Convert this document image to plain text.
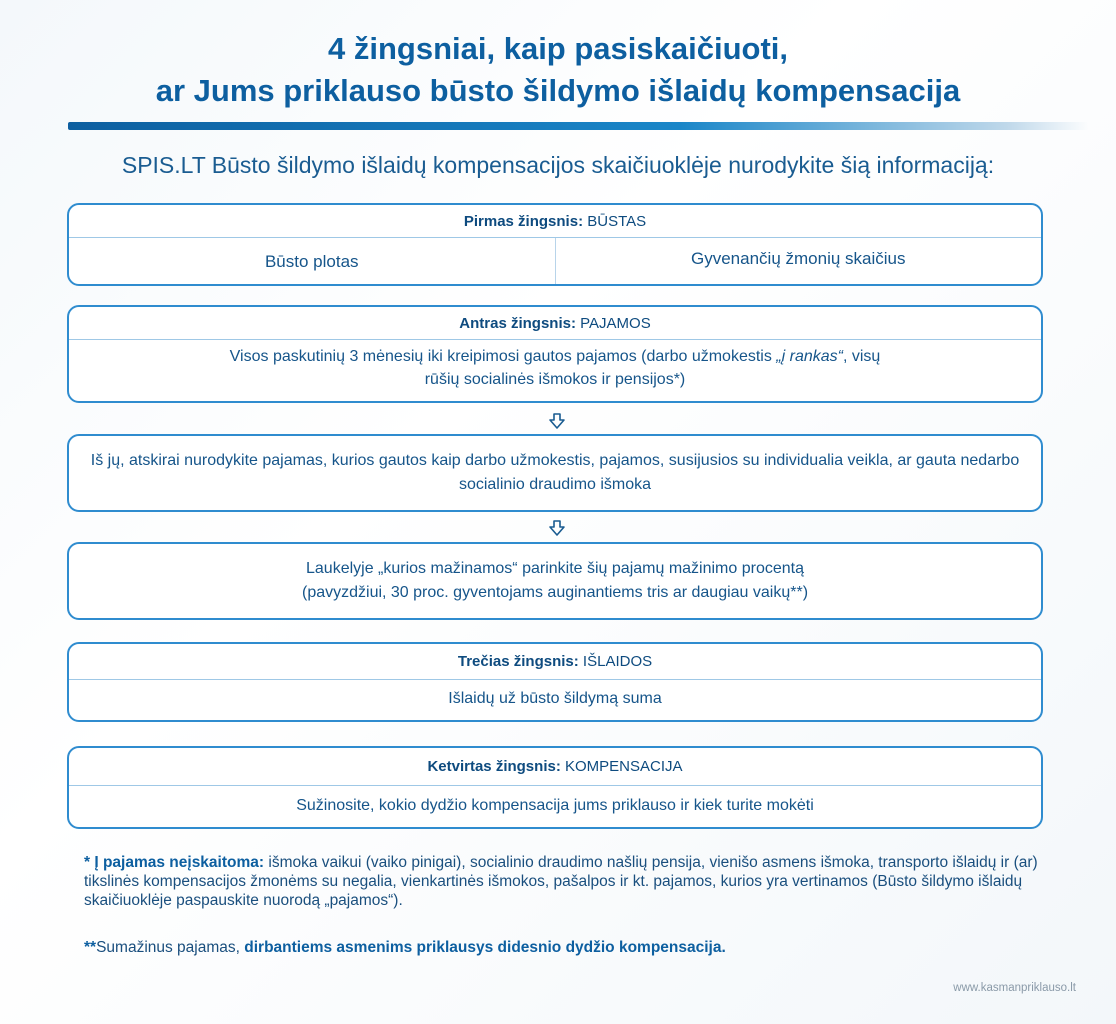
4 žingsniai, kaip pasiskaičiuoti,
ar Jums priklauso būsto šildymo išlaidų kompensacija
SPIS.LT Būsto šildymo išlaidų kompensacijos skaičiuoklėje nurodykite šią informaciją:
Pirmas žingsnis: BŪSTAS
Būsto plotas	Gyvenančių žmonių skaičius
Antras žingsnis: PAJAMOS
Visos paskutinių 3 mėnesių iki kreipimosi gautos pajamos (darbo užmokestis „į rankas“, visų rūšių socialinės išmokos ir pensijos*)
Iš jų, atskirai nurodykite pajamas, kurios gautos kaip darbo užmokestis, pajamos, susijusios su individualia veikla, ar gauta nedarbo socialinio draudimo išmoka
Laukelyje „kurios mažinamos“ parinkite šių pajamų mažinimo procentą
(pavyzdžiui, 30 proc. gyventojams auginantiems tris ar daugiau vaikų**)
Trečias žingsnis: IŠLAIDOS
Išlaidų už būsto šildymą suma
Ketvirtas žingsnis: KOMPENSACIJA
Sužinosite, kokio dydžio kompensacija jums priklauso ir kiek turite mokėti
* Į pajamas neįskaitoma: išmoka vaikui (vaiko pinigai), socialinio draudimo našlių pensija, vienišo asmens išmoka, transporto išlaidų ir (ar) tikslinės kompensacijos žmonėms su negalia, vienkartinės išmokos, pašalpos ir kt. pajamos, kurios yra vertinamos (Būsto šildymo išlaidų skaičiuoklėje paspauskite nuorodą „pajamos“).
**Sumažinus pajamas, dirbantiems asmenims priklausys didesnio dydžio kompensacija.
www.kasmanpriklauso.lt
